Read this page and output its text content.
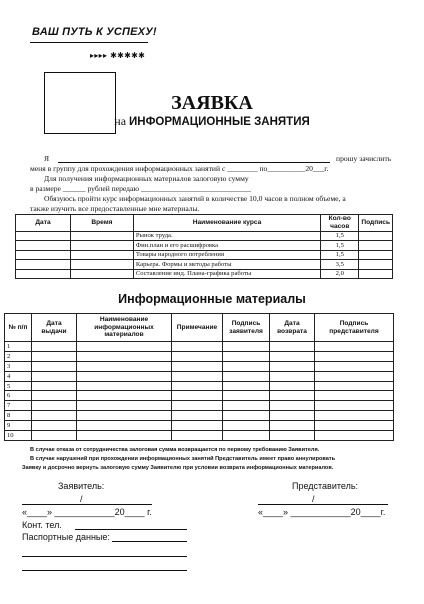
ВАШ ПУТЬ К УСПЕХУ!
▸▸▸▸ ✱✱✱✱✱
ЗАЯВКА
на ИНФОРМАЦИОННЫЕ ЗАНЯТИЯ
Я	прошу зачислить
меня в группу для прохождения информационных занятий с ________ по__________20___г.
Для получения информационных материалов залоговую сумму
в размере ______ рублей передаю _____________________________
Обязуюсь пройти курс информационных занятий в количестве 10,0 часов в полном объеме, а
также изучить все предоставленные мне материалы.
Дата	Время	Наименование курса	Кол-во часов	Подпись
		Рынок труда.	1,5	
		Фин.план и его расшифровка	1,5	
		Товары народного потребления	1,5	
		Карьера. Формы и методы работы	3,5	
		Составление инд. Плана-графика работы	2,0	
Информационные материалы
№ п/п	Дата выдачи	Наименование информационных материалов	Примечание	Подпись заявителя	Дата возврата	Подпись представителя
1						
2						
3						
4						
5						
6						
7						
8						
9						
10						
В случае отказа от сотрудничества залоговая сумма возвращается по первому требованию Заявителя.
В случае нарушений при прохождении информационных занятий Представитель имеет право аннулировать
Заявку и досрочно вернуть залоговую сумму Заявителю при условии возврата информационных материалов.
Заявитель:	Представитель:
/	/
«____» ____________20____ г.	«____» ____________20____г.
Конт. тел.
Паспортные данные:
